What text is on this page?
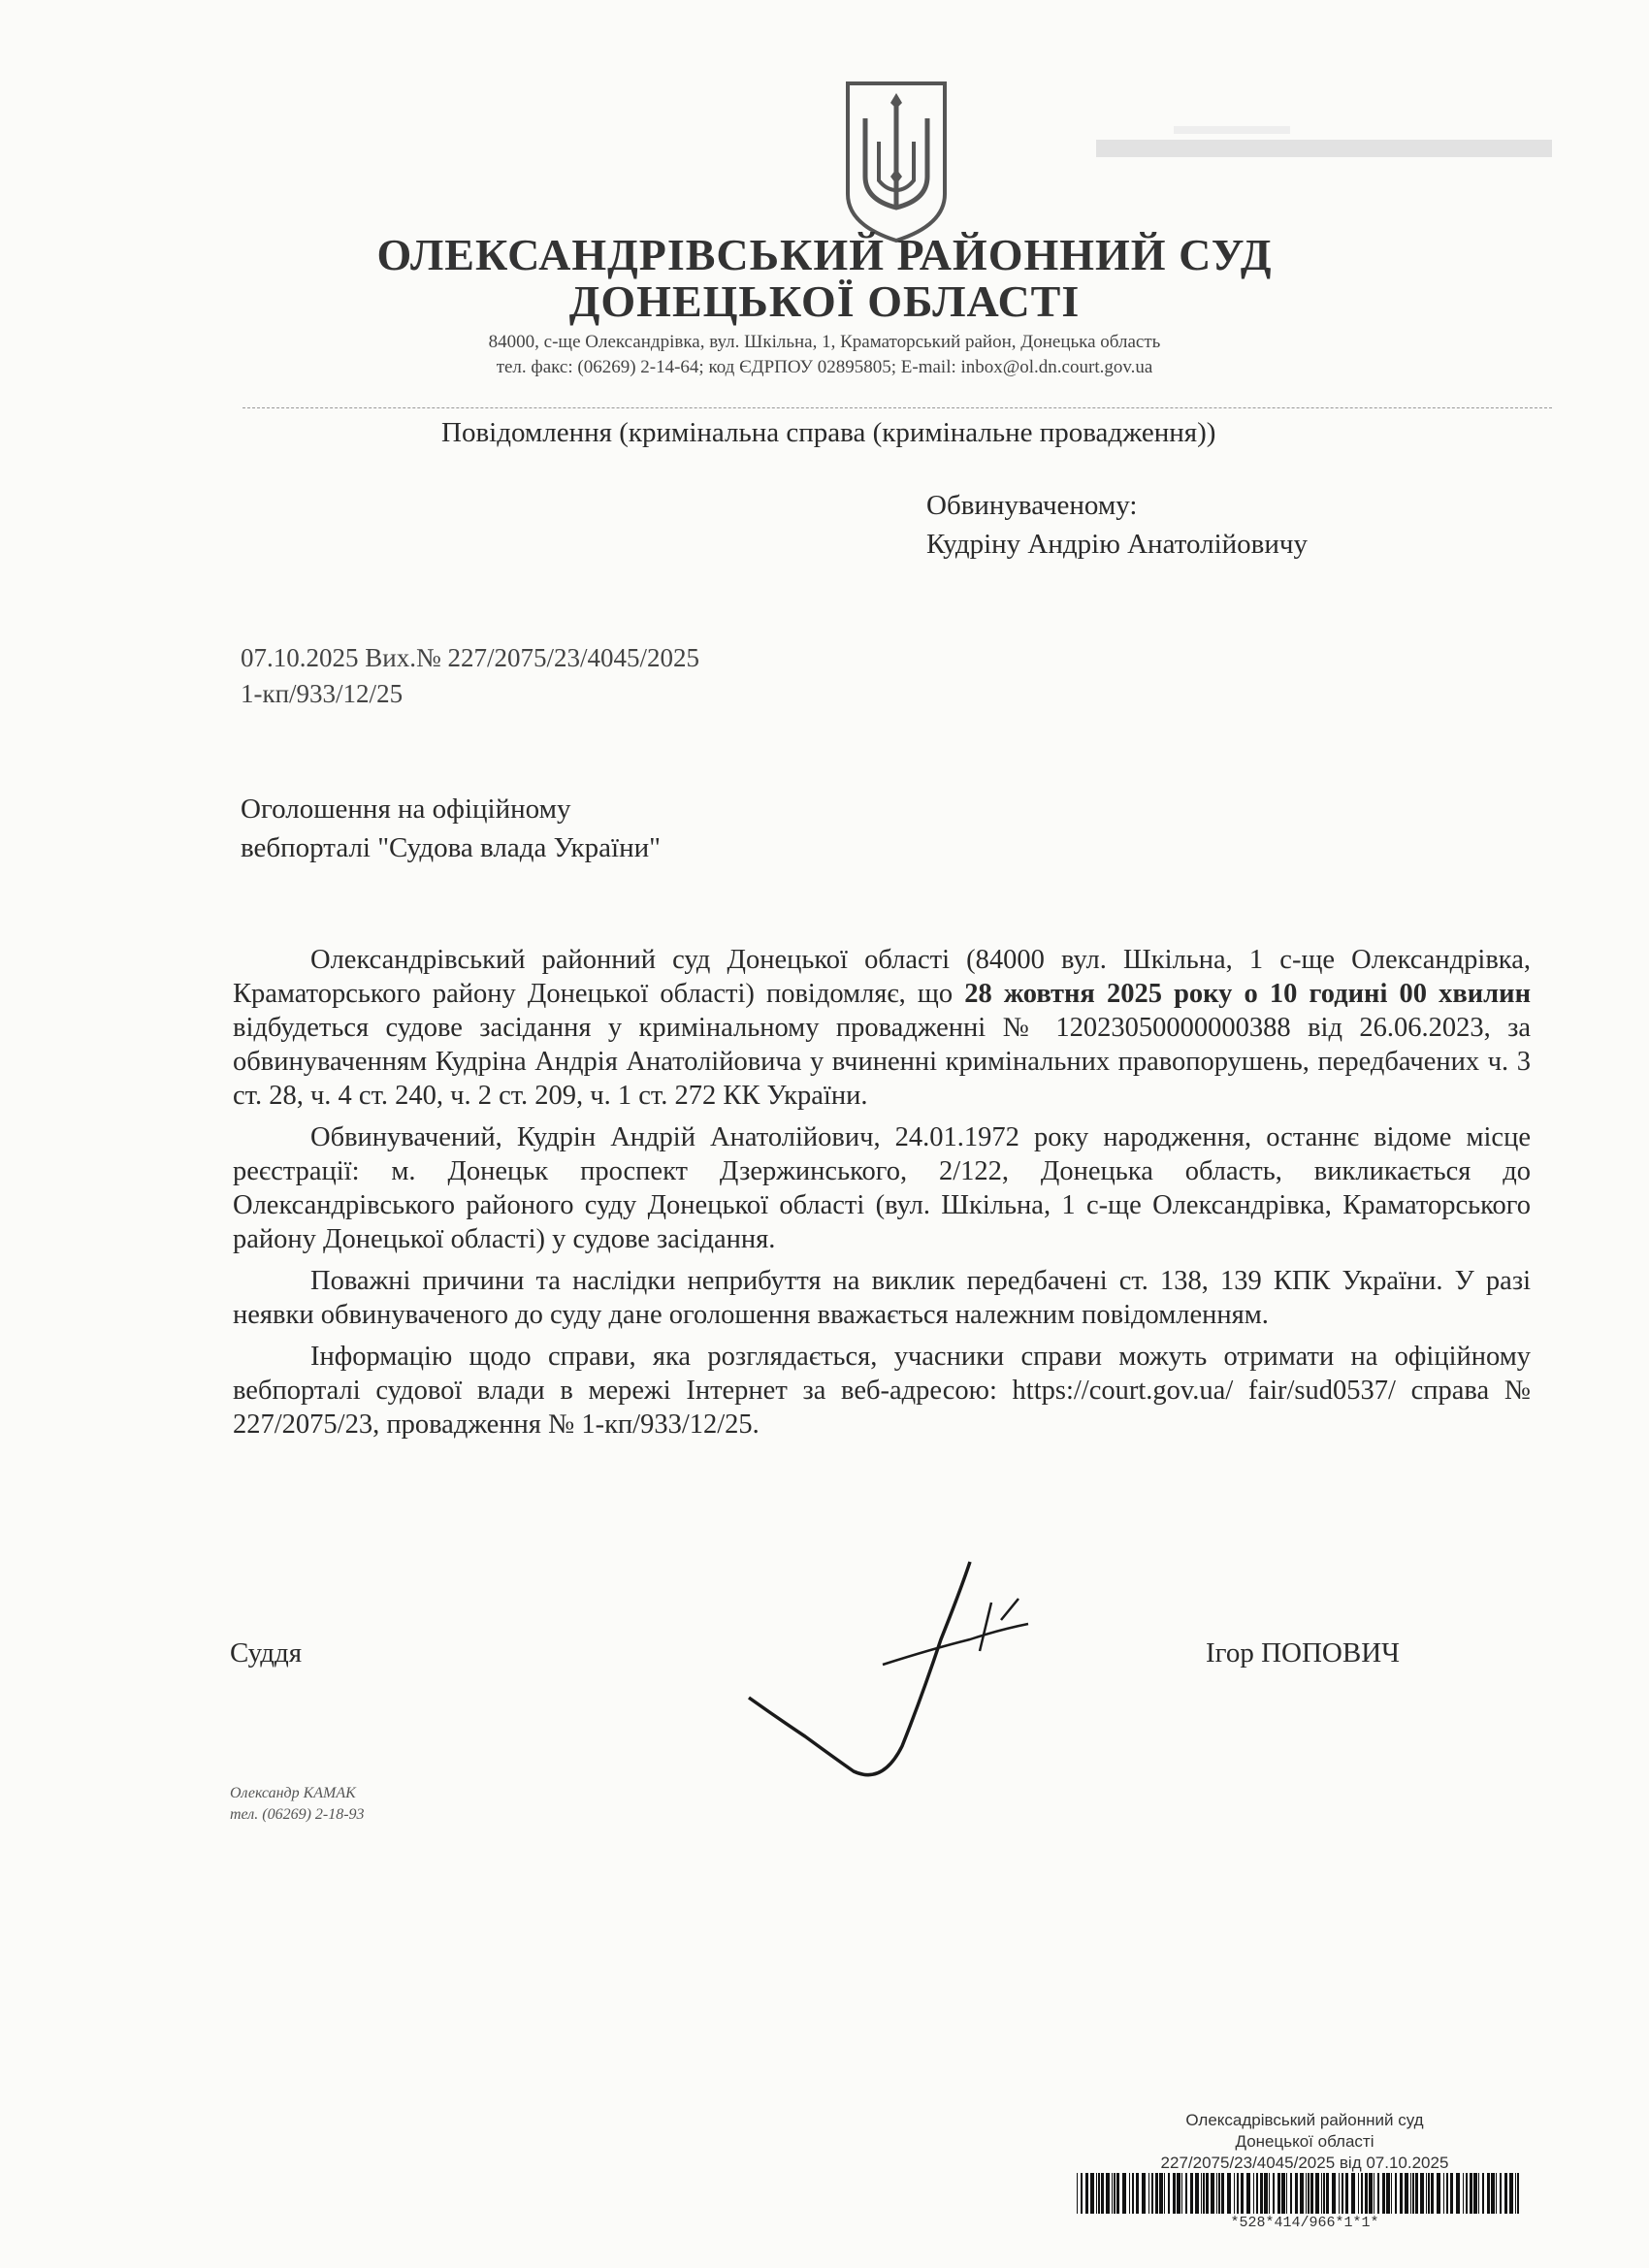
ОЛЕКСАНДРІВСЬКИЙ РАЙОННИЙ СУД
ДОНЕЦЬКОЇ ОБЛАСТІ
84000, с-ще Олександрівка, вул. Шкільна, 1, Краматорський район, Донецька область
тел. факс: (06269) 2-14-64; код ЄДРПОУ 02895805; E-mail: inbox@ol.dn.court.gov.ua
Повідомлення (кримінальна справа (кримінальне провадження))
Обвинуваченому:
Кудріну Андрію Анатолійовичу
07.10.2025 Вих.№ 227/2075/23/4045/2025
1-кп/933/12/25
Оголошення на офіційному
вебпорталі "Судова влада України"

Олександрівський районний суд Донецької області (84000 вул. Шкільна, 1 с-ще Олександрівка, Краматорського району Донецької області) повідомляє, що 28 жовтня 2025 року о 10 годині 00 хвилин відбудеться судове засідання у кримінальному провадженні № 12023050000000388 від 26.06.2023, за обвинуваченням Кудріна Андрія Анатолійовича у вчиненні кримінальних правопорушень, передбачених ч. 3 ст. 28, ч. 4 ст. 240, ч. 2 ст. 209, ч. 1 ст. 272 КК України.

Обвинувачений, Кудрін Андрій Анатолійович, 24.01.1972 року народження, останнє відоме місце реєстрації: м. Донецьк проспект Дзержинського, 2/122, Донецька область, викликається до Олександрівського районого суду Донецької області (вул. Шкільна, 1 с-ще Олександрівка, Краматорського району Донецької області) у судове засідання.

Поважні причини та наслідки неприбуття на виклик передбачені ст. 138, 139 КПК України. У разі неявки обвинуваченого до суду дане оголошення вважається належним повідомленням.

Інформацію щодо справи, яка розглядається, учасники справи можуть отримати на офіційному вебпорталі судової влади в мережі Інтернет за веб-адресою: https://court.gov.ua/ fair/sud0537/ справа № 227/2075/23, провадження № 1-кп/933/12/25.

Суддя	Ігор ПОПОВИЧ
Олександр КАМАК
тел. (06269) 2-18-93
Олексадрівський районний суд
Донецької області
227/2075/23/4045/2025 від 07.10.2025
*528*414/966*1*1*
